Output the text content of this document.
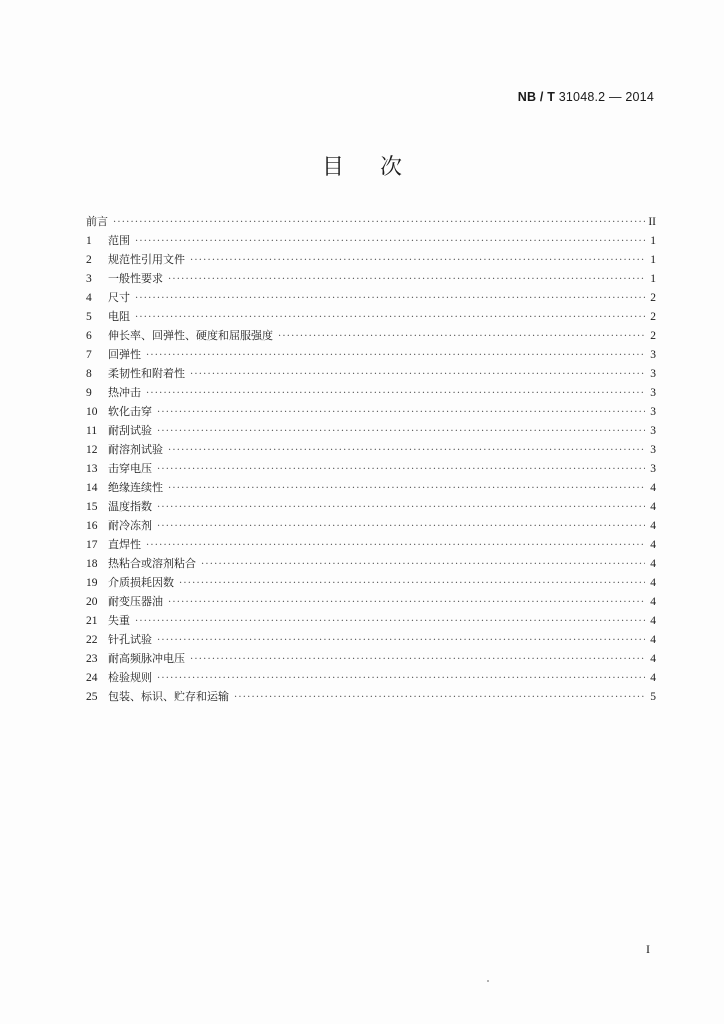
NB / T 31048.2 — 2014
目次
前言 ·····	II
1	范围 ·····	1
2	规范性引用文件 ·····	1
3	一般性要求 ·····	1
4	尺寸 ·····	2
5	电阻 ·····	2
6	伸长率、回弹性、硬度和屈服强度 ·····	2
7	回弹性 ·····	3
8	柔韧性和附着性 ·····	3
9	热冲击 ·····	3
10 软化击穿 ·····	3
11 耐刮试验 ·····	3
12 耐溶剂试验 ·····	3
13 击穿电压 ·····	3
14 绝缘连续性 ·····	4
15 温度指数 ·····	4
16 耐冷冻剂 ·····	4
17 直焊性 ·····	4
18 热粘合或溶剂粘合 ·····	4
19 介质损耗因数 ·····	4
20 耐变压器油 ·····	4
21 失重 ·····	4
22 针孔试验 ·····	4
23 耐高频脉冲电压 ·····	4
24 检验规则 ·····	4
25 包装、标识、贮存和运输 ·····	5
I
